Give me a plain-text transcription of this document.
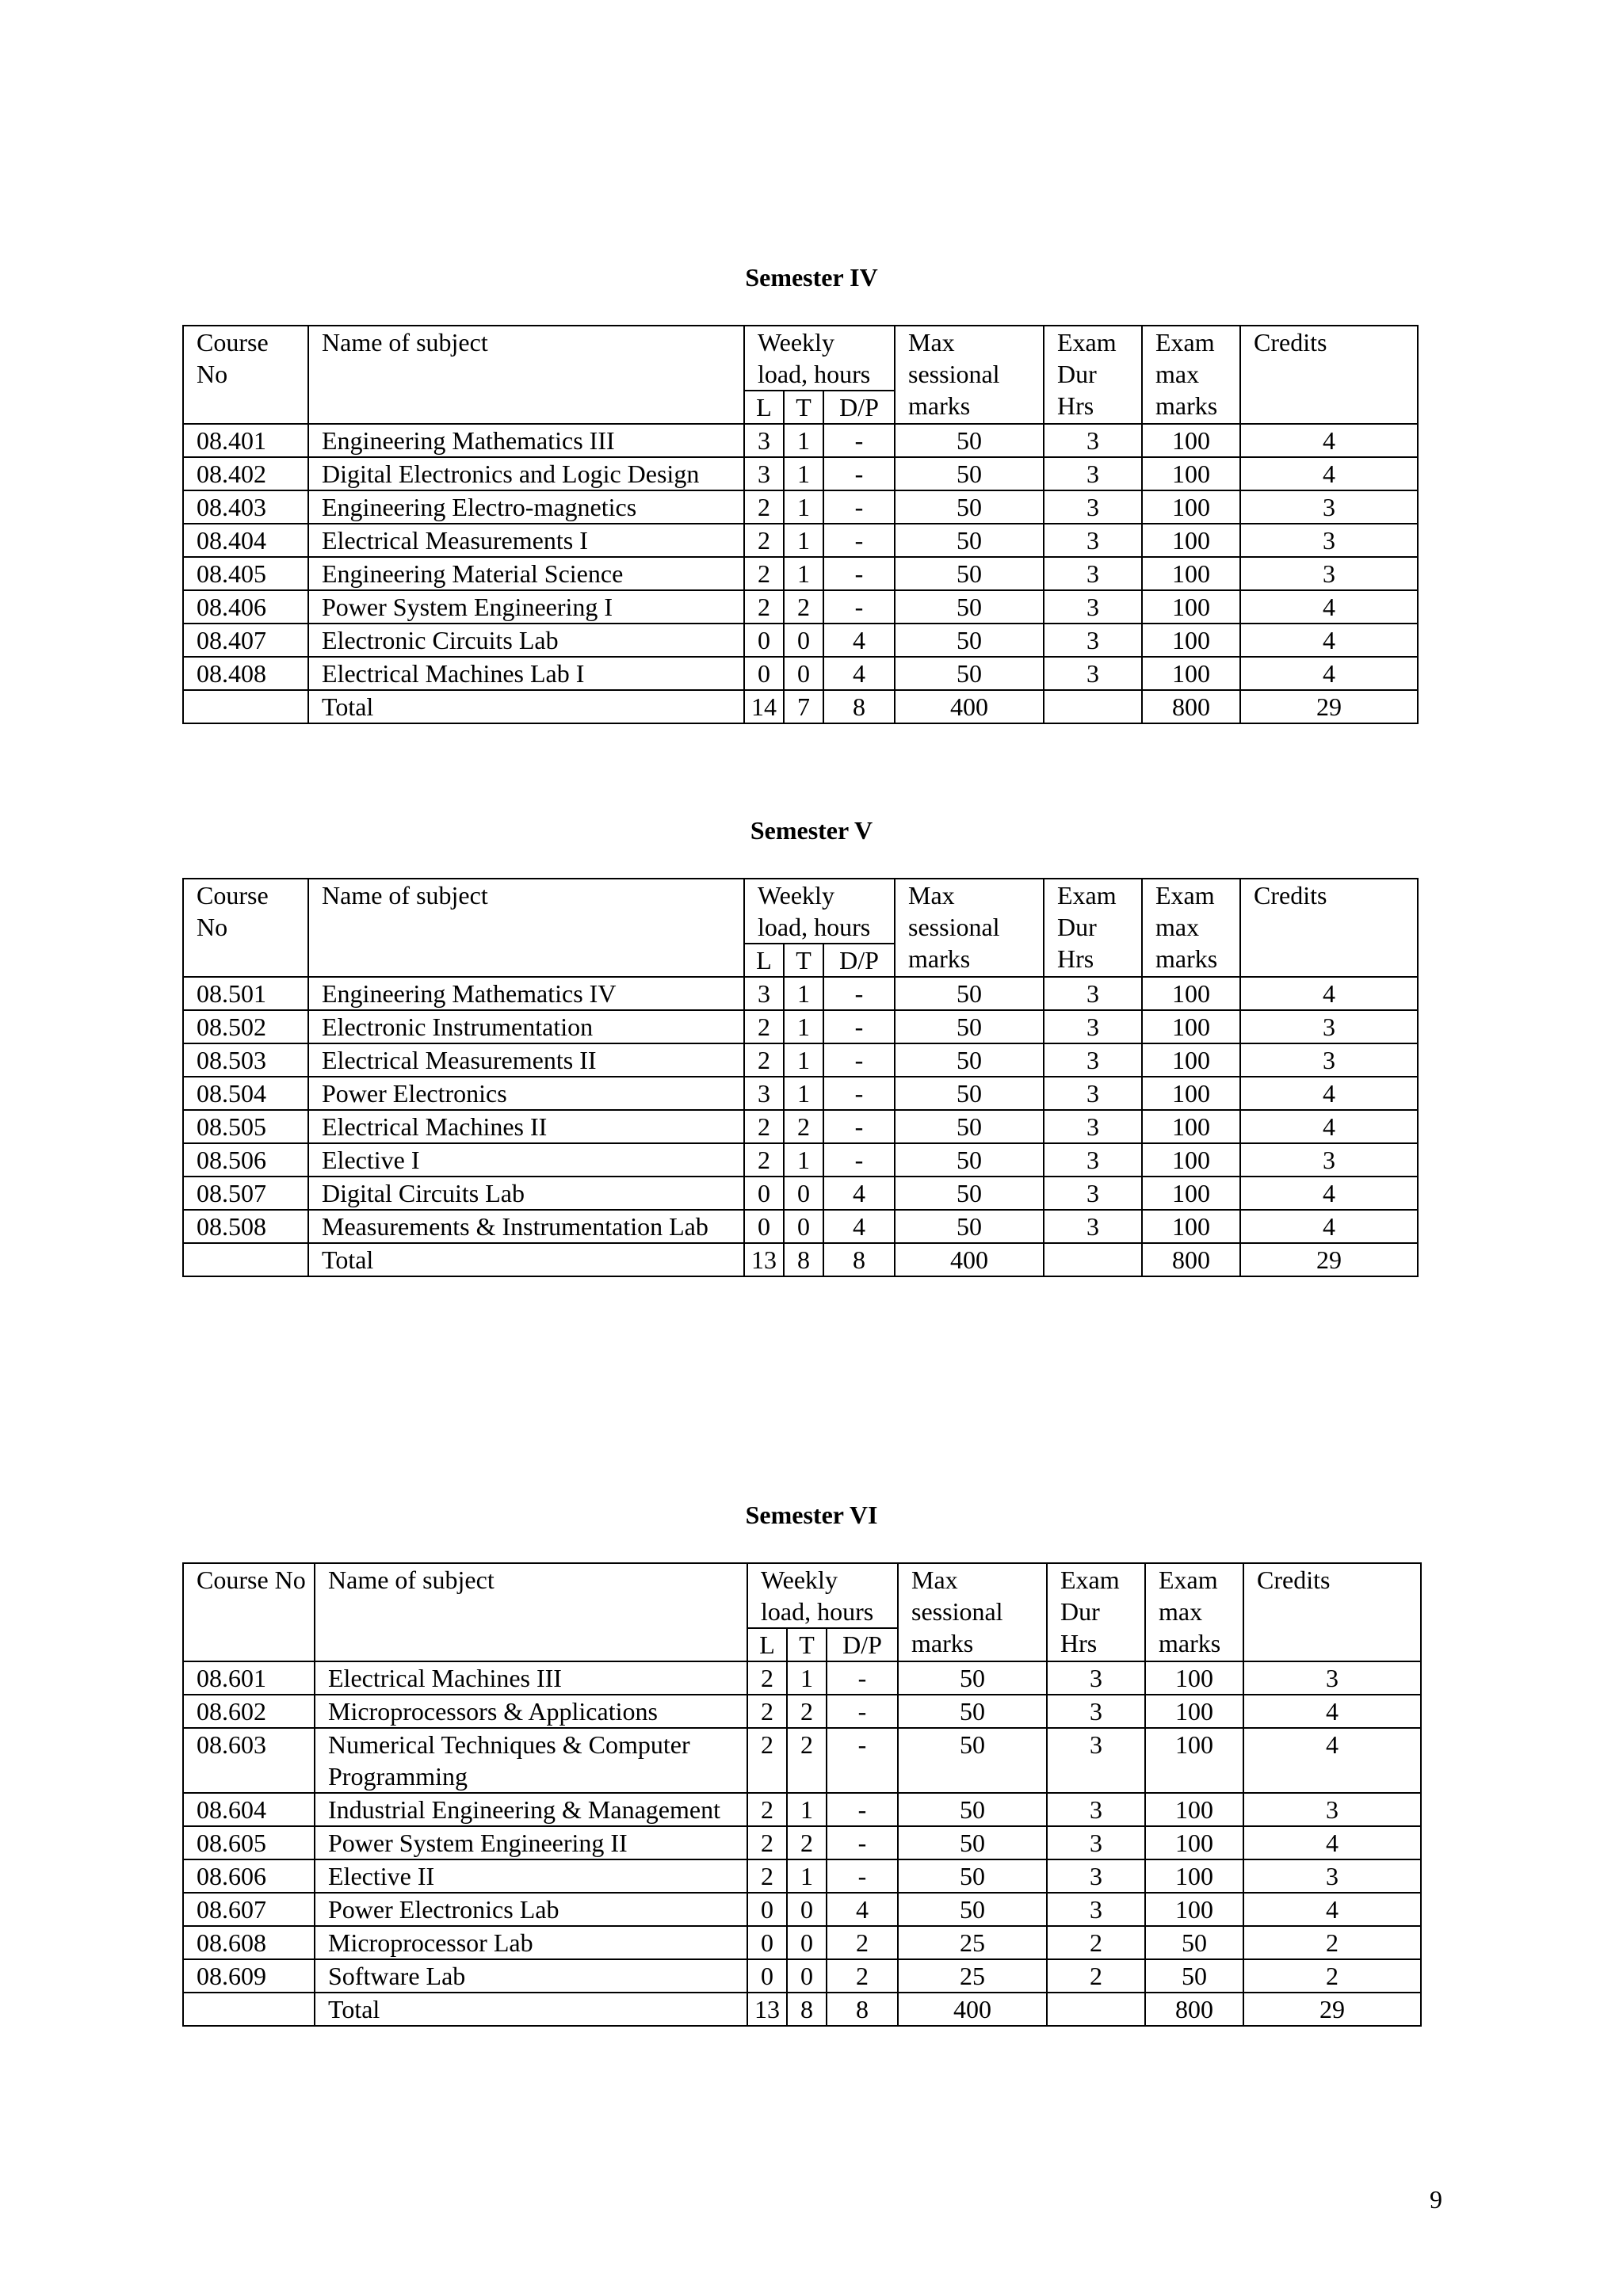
Semester IV
Course No	Name of subject	Weekly load, hours			Max sessional marks	Exam Dur Hrs	Exam max marks	Credits
		L	T	D/P				
08.401	Engineering Mathematics III	3	1	-	50	3	100	4
08.402	Digital Electronics and Logic Design	3	1	-	50	3	100	4
08.403	Engineering Electro-magnetics	2	1	-	50	3	100	3
08.404	Electrical Measurements I	2	1	-	50	3	100	3
08.405	Engineering Material Science	2	1	-	50	3	100	3
08.406	Power System Engineering I	2	2	-	50	3	100	4
08.407	Electronic Circuits Lab	0	0	4	50	3	100	4
08.408	Electrical Machines Lab I	0	0	4	50	3	100	4
	Total	14	7	8	400		800	29
Semester V
Course No	Name of subject	Weekly load, hours			Max sessional marks	Exam Dur Hrs	Exam max marks	Credits
		L	T	D/P				
08.501	Engineering Mathematics IV	3	1	-	50	3	100	4
08.502	Electronic Instrumentation	2	1	-	50	3	100	3
08.503	Electrical Measurements II	2	1	-	50	3	100	3
08.504	Power Electronics	3	1	-	50	3	100	4
08.505	Electrical Machines II	2	2	-	50	3	100	4
08.506	Elective I	2	1	-	50	3	100	3
08.507	Digital Circuits Lab	0	0	4	50	3	100	4
08.508	Measurements & Instrumentation Lab	0	0	4	50	3	100	4
	Total	13	8	8	400		800	29
Semester VI
Course No	Name of subject	Weekly load, hours			Max sessional marks	Exam Dur Hrs	Exam max marks	Credits
		L	T	D/P				
08.601	Electrical Machines III	2	1	-	50	3	100	3
08.602	Microprocessors & Applications	2	2	-	50	3	100	4
08.603	Numerical Techniques & Computer Programming	2	2	-	50	3	100	4
08.604	Industrial Engineering & Management	2	1	-	50	3	100	3
08.605	Power System Engineering II	2	2	-	50	3	100	4
08.606	Elective II	2	1	-	50	3	100	3
08.607	Power Electronics Lab	0	0	4	50	3	100	4
08.608	Microprocessor Lab	0	0	2	25	2	50	2
08.609	Software Lab	0	0	2	25	2	50	2
	Total	13	8	8	400		800	29
9
